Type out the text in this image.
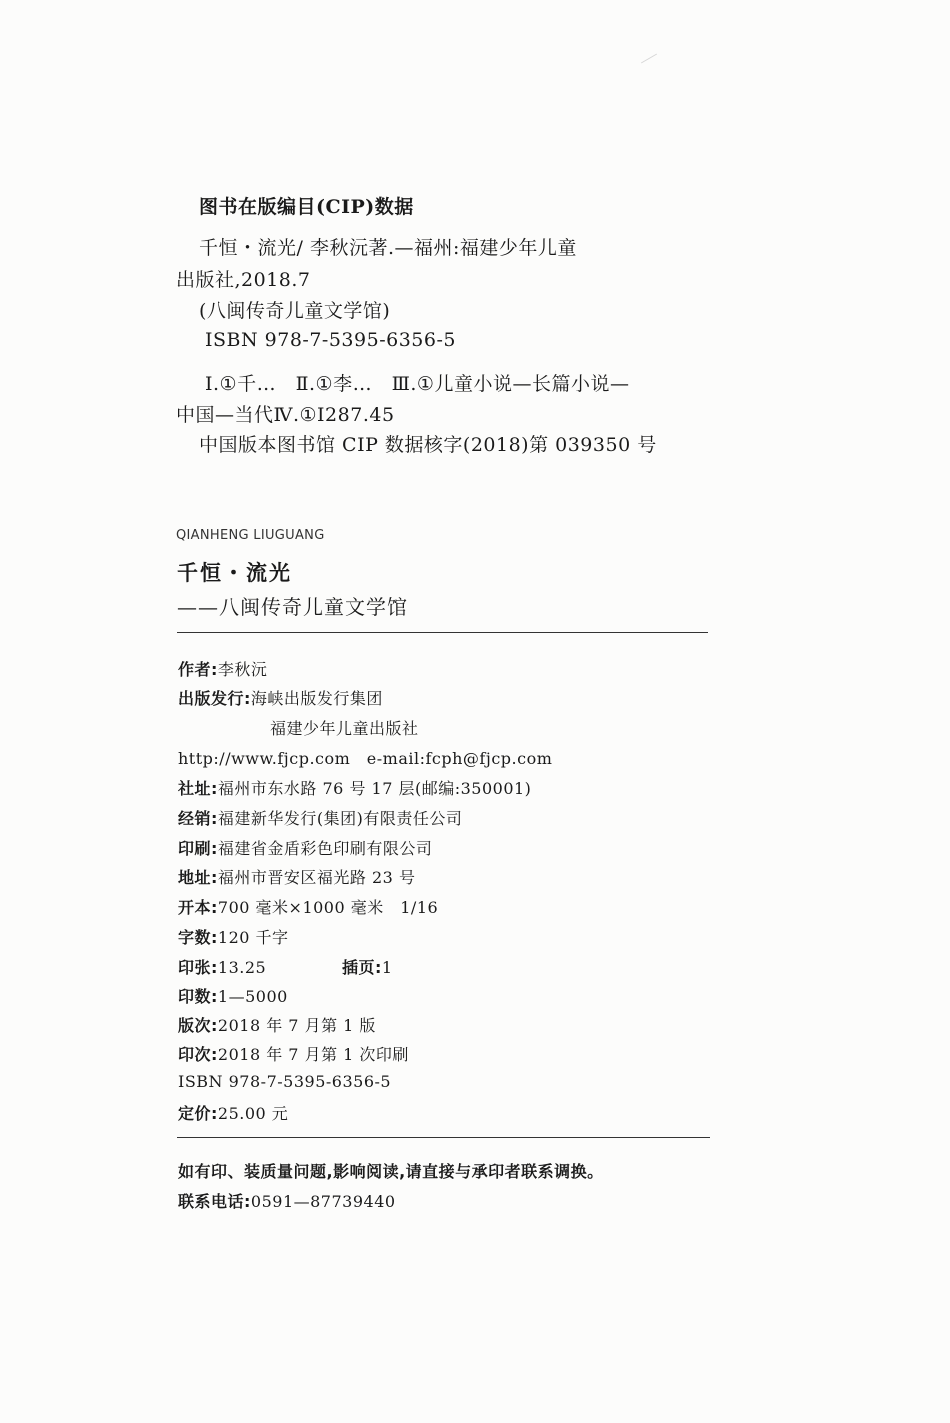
图书在版编目(CIP)数据
千恒・流光/ 李秋沅著.—福州:福建少年儿童
出版社,2018.7
(八闽传奇儿童文学馆)
ISBN 978-7-5395-6356-5
Ⅰ.①千…　Ⅱ.①李…　Ⅲ.①儿童小说—长篇小说—
中国—当代Ⅳ.①I287.45
中国版本图书馆 CIP 数据核字(2018)第 039350 号
QIANHENG LIUGUANG
千恒・流光
——八闽传奇儿童文学馆
作者:李秋沅
出版发行:海峡出版发行集团
福建少年儿童出版社
http://www.fjcp.com　e-mail:fcph@fjcp.com
社址:福州市东水路 76 号 17 层(邮编:350001)
经销:福建新华发行(集团)有限责任公司
印刷:福建省金盾彩色印刷有限公司
地址:福州市晋安区福光路 23 号
开本:700 毫米×1000 毫米　1/16
字数:120 千字
印张:13.25	插页:1
印数:1—5000
版次:2018 年 7 月第 1 版
印次:2018 年 7 月第 1 次印刷
ISBN 978-7-5395-6356-5
定价:25.00 元
如有印、装质量问题,影响阅读,请直接与承印者联系调换。
联系电话:0591—87739440
